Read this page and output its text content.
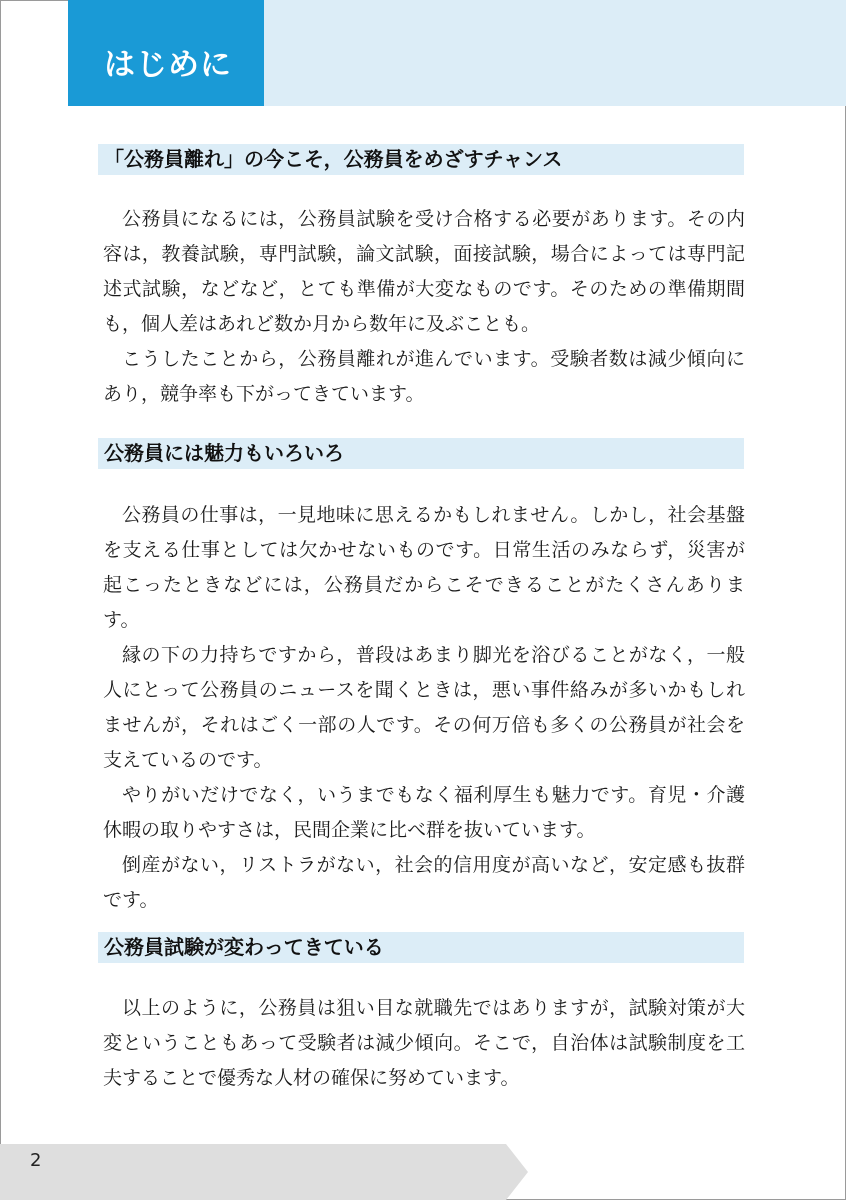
はじめに
「公務員離れ」の今こそ，公務員をめざすチャンス

公務員になるには，公務員試験を受け合格する必要があります。その内容は，教養試験，専門試験，論文試験，面接試験，場合によっては専門記述式試験，などなど，とても準備が大変なものです。そのための準備期間も，個人差はあれど数か月から数年に及ぶことも。

こうしたことから，公務員離れが進んでいます。受験者数は減少傾向にあり，競争率も下がってきています。

公務員には魅力もいろいろ

公務員の仕事は，一見地味に思えるかもしれません。しかし，社会基盤を支える仕事としては欠かせないものです。日常生活のみならず，災害が起こったときなどには，公務員だからこそできることがたくさんあります。

縁の下の力持ちですから，普段はあまり脚光を浴びることがなく，一般人にとって公務員のニュースを聞くときは，悪い事件絡みが多いかもしれませんが，それはごく一部の人です。その何万倍も多くの公務員が社会を支えているのです。

やりがいだけでなく，いうまでもなく福利厚生も魅力です。育児・介護休暇の取りやすさは，民間企業に比べ群を抜いています。

倒産がない，リストラがない，社会的信用度が高いなど，安定感も抜群です。

公務員試験が変わってきている

以上のように，公務員は狙い目な就職先ではありますが，試験対策が大変ということもあって受験者は減少傾向。そこで，自治体は試験制度を工夫することで優秀な人材の確保に努めています。

2
